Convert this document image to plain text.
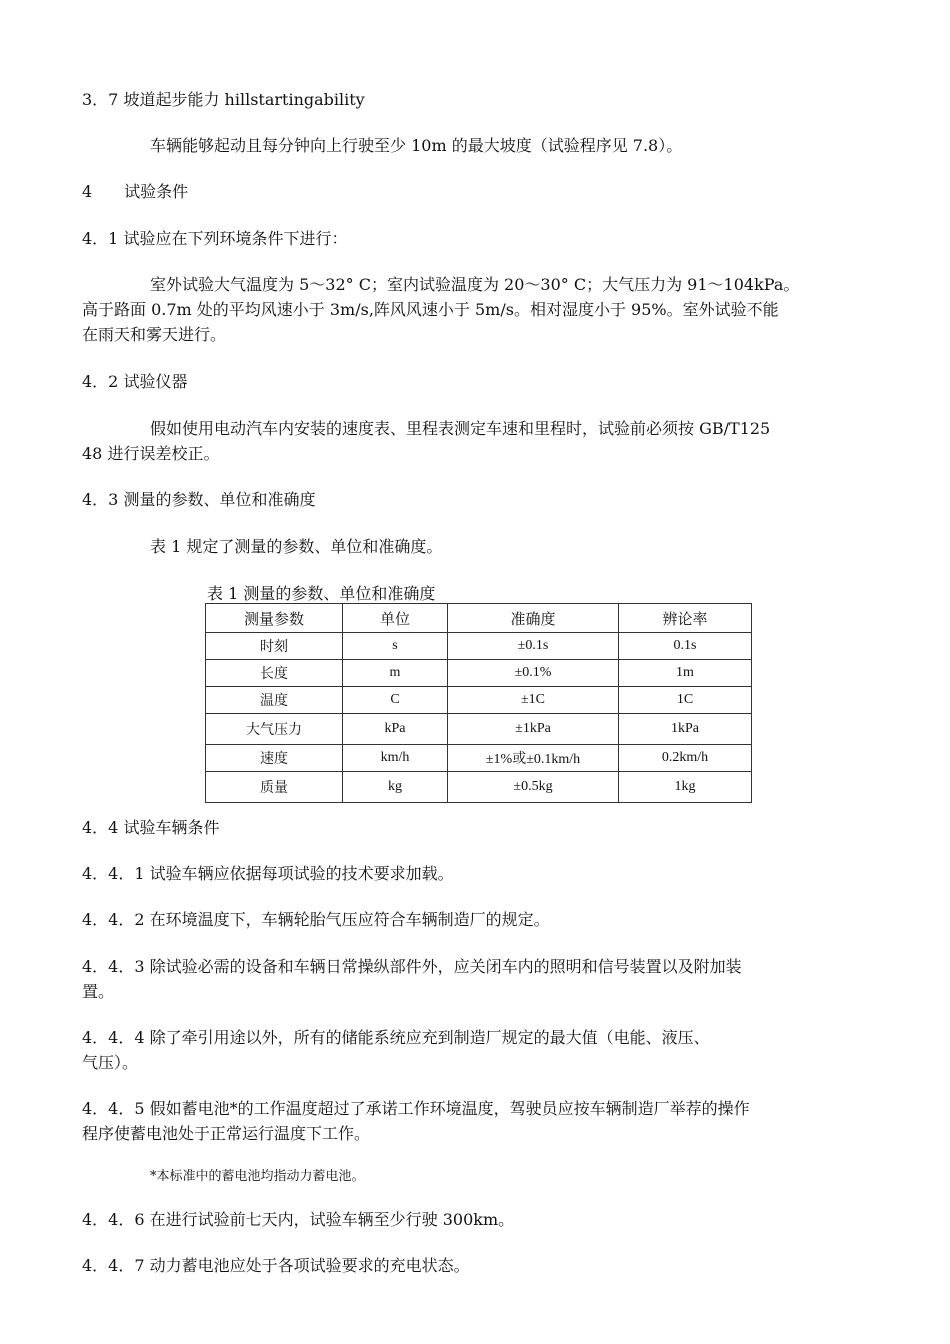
3．7 坡道起步能力 hillstartingability
车辆能够起动且每分钟向上行驶至少 10m 的最大坡度（试验程序见 7.8）。
4　　试验条件
4．1 试验应在下列环境条件下进行：
室外试验大气温度为 5～32° C；室内试验温度为 20～30° C；大气压力为 91～104kPa。
高于路面 0.7m 处的平均风速小于 3m/s,阵风风速小于 5m/s。相对湿度小于 95%。室外试验不能
在雨天和雾天进行。
4．2 试验仪器
假如使用电动汽车内安装的速度表、里程表测定车速和里程时，试验前必须按 GB/T125
48 进行误差校正。
4．3 测量的参数、单位和准确度
表 1 规定了测量的参数、单位和准确度。
表 1 测量的参数、单位和准确度
测量参数	单位	准确度	辨论率
时刻	s	±0.1s	0.1s
长度	m	±0.1%	1m
温度	C	±1C	1C
大气压力	kPa	±1kPa	1kPa
速度	km/h	±1%或±0.1km/h	0.2km/h
质量	kg	±0.5kg	1kg
4．4 试验车辆条件
4．4．1 试验车辆应依据每项试验的技术要求加载。
4．4．2 在环境温度下，车辆轮胎气压应符合车辆制造厂的规定。
4．4．3 除试验必需的设备和车辆日常操纵部件外，应关闭车内的照明和信号装置以及附加装
置。
4．4．4 除了牵引用途以外，所有的储能系统应充到制造厂规定的最大值（电能、液压、
气压）。
4．4．5 假如蓄电池*的工作温度超过了承诺工作环境温度，驾驶员应按车辆制造厂举荐的操作
程序使蓄电池处于正常运行温度下工作。
*本标准中的蓄电池均指动力蓄电池。
4．4．6 在进行试验前七天内，试验车辆至少行驶 300km。
4．4．7 动力蓄电池应处于各项试验要求的充电状态。
